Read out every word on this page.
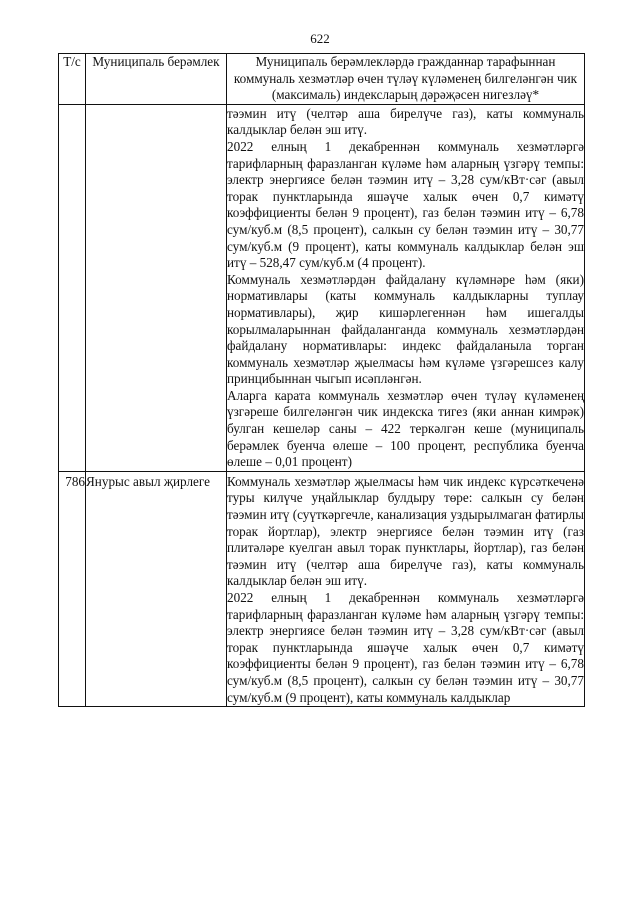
622
Т/с	Муниципаль берәмлек	Муниципаль берәмлекләрдә гражданнар тарафыннан коммуналь хезмәтләр өчен түләү күләменең билгеләнгән чик (максималь) индексларың дәрәҗәсен нигезләү*

		тәэмин итү (челтәр аша бирелүче газ), каты коммуналь калдыклар белән эш итү.

2022 елның 1 декабреннән коммуналь хезмәтләргә тарифларның фаразланган күләме һәм аларның үзгәрү темпы: электр энергиясе белән тәэмин итү – 3,28 сум/кВт·сәг (авыл торак пунктларында яшәүче халык өчен 0,7 кимәтү коэффициенты белән 9 процент), газ белән тәэмин итү – 6,78 сум/куб.м (8,5 процент), салкын су белән тәэмин итү – 30,77 сум/куб.м (9 процент), каты коммуналь калдыклар белән эш итү – 528,47 сум/куб.м (4 процент).

Коммуналь хезмәтләрдән файдалану күләмнәре һәм (яки) нормативлары (каты коммуналь калдыкларны туплау нормативлары), җир кишәрлегеннән һәм ишегалды корылмаларыннан файдаланганда коммуналь хезмәтләрдән файдалану нормативлары: индекс файдаланыла торган коммуналь хезмәтләр җыелмасы һәм күләме үзгәрешсез калу принцибыннан чыгып исәпләнгән.

Аларга карата коммуналь хезмәтләр өчен түләү күләменең үзгәреше билгеләнгән чик индекска тигез (яки аннан кимрәк) булган кешеләр саны – 422 теркәлгән кеше (муниципаль берәмлек буенча өлеше – 100 процент, республика буенча өлеше – 0,01 процент)

786	Янурыс авыл җирлеге	Коммуналь хезмәтләр җыелмасы һәм чик индекс күрсәткеченә туры килүче уңайлыклар булдыру төре: салкын су белән тәэмин итү (суүткәргечле, канализация уздырылмаган фатирлы торак йортлар), электр энергиясе белән тәэмин итү (газ плитәләре куелган авыл торак пунктлары, йортлар), газ белән тәэмин итү (челтәр аша бирелүче газ), каты коммуналь калдыклар белән эш итү.

2022 елның 1 декабреннән коммуналь хезмәтләргә тарифларның фаразланган күләме һәм аларның үзгәрү темпы: электр энергиясе белән тәэмин итү – 3,28 сум/кВт·сәг (авыл торак пунктларында яшәүче халык өчен 0,7 кимәтү коэффициенты белән 9 процент), газ белән тәэмин итү – 6,78 сум/куб.м (8,5 процент), салкын су белән тәэмин итү – 30,77 сум/куб.м (9 процент), каты коммуналь калдыклар
